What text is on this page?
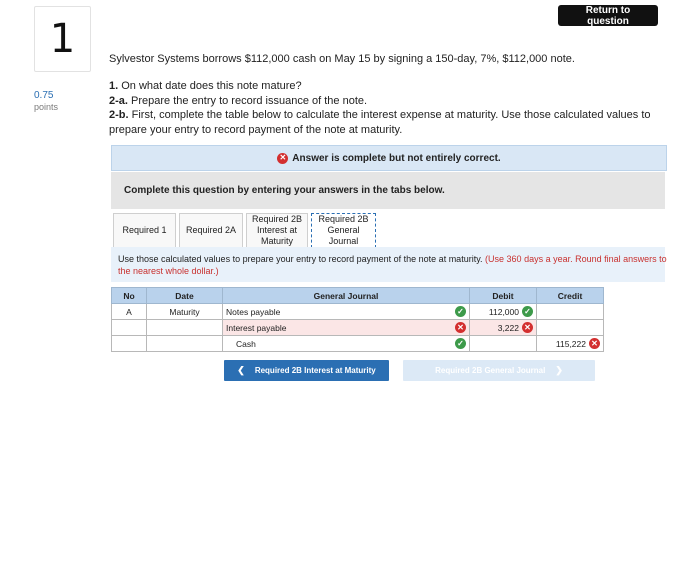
1
Return to question
0.75
points
Sylvestor Systems borrows $112,000 cash on May 15 by signing a 150-day, 7%, $112,000 note.
1. On what date does this note mature?
2-a. Prepare the entry to record issuance of the note.
2-b. First, complete the table below to calculate the interest expense at maturity. Use those calculated values to prepare your entry to record payment of the note at maturity.
✕ Answer is complete but not entirely correct.
Complete this question by entering your answers in the tabs below.
Required 1 Required 2A
Required 2B
Interest at
Maturity
Required 2B
General
Journal
Use those calculated values to prepare your entry to record payment of the note at maturity. (Use 360 days a year. Round final answers to the nearest whole dollar.)
No	Date	General Journal	Debit	Credit
A	Maturity	Notes payable ✓	112,000 ✓	

		Interest payable ✕	3,222 ✕	

		Cash ✓		115,222 ✕
❮ Required 2B Interest at Maturity	Required 2B General Journal ❯
